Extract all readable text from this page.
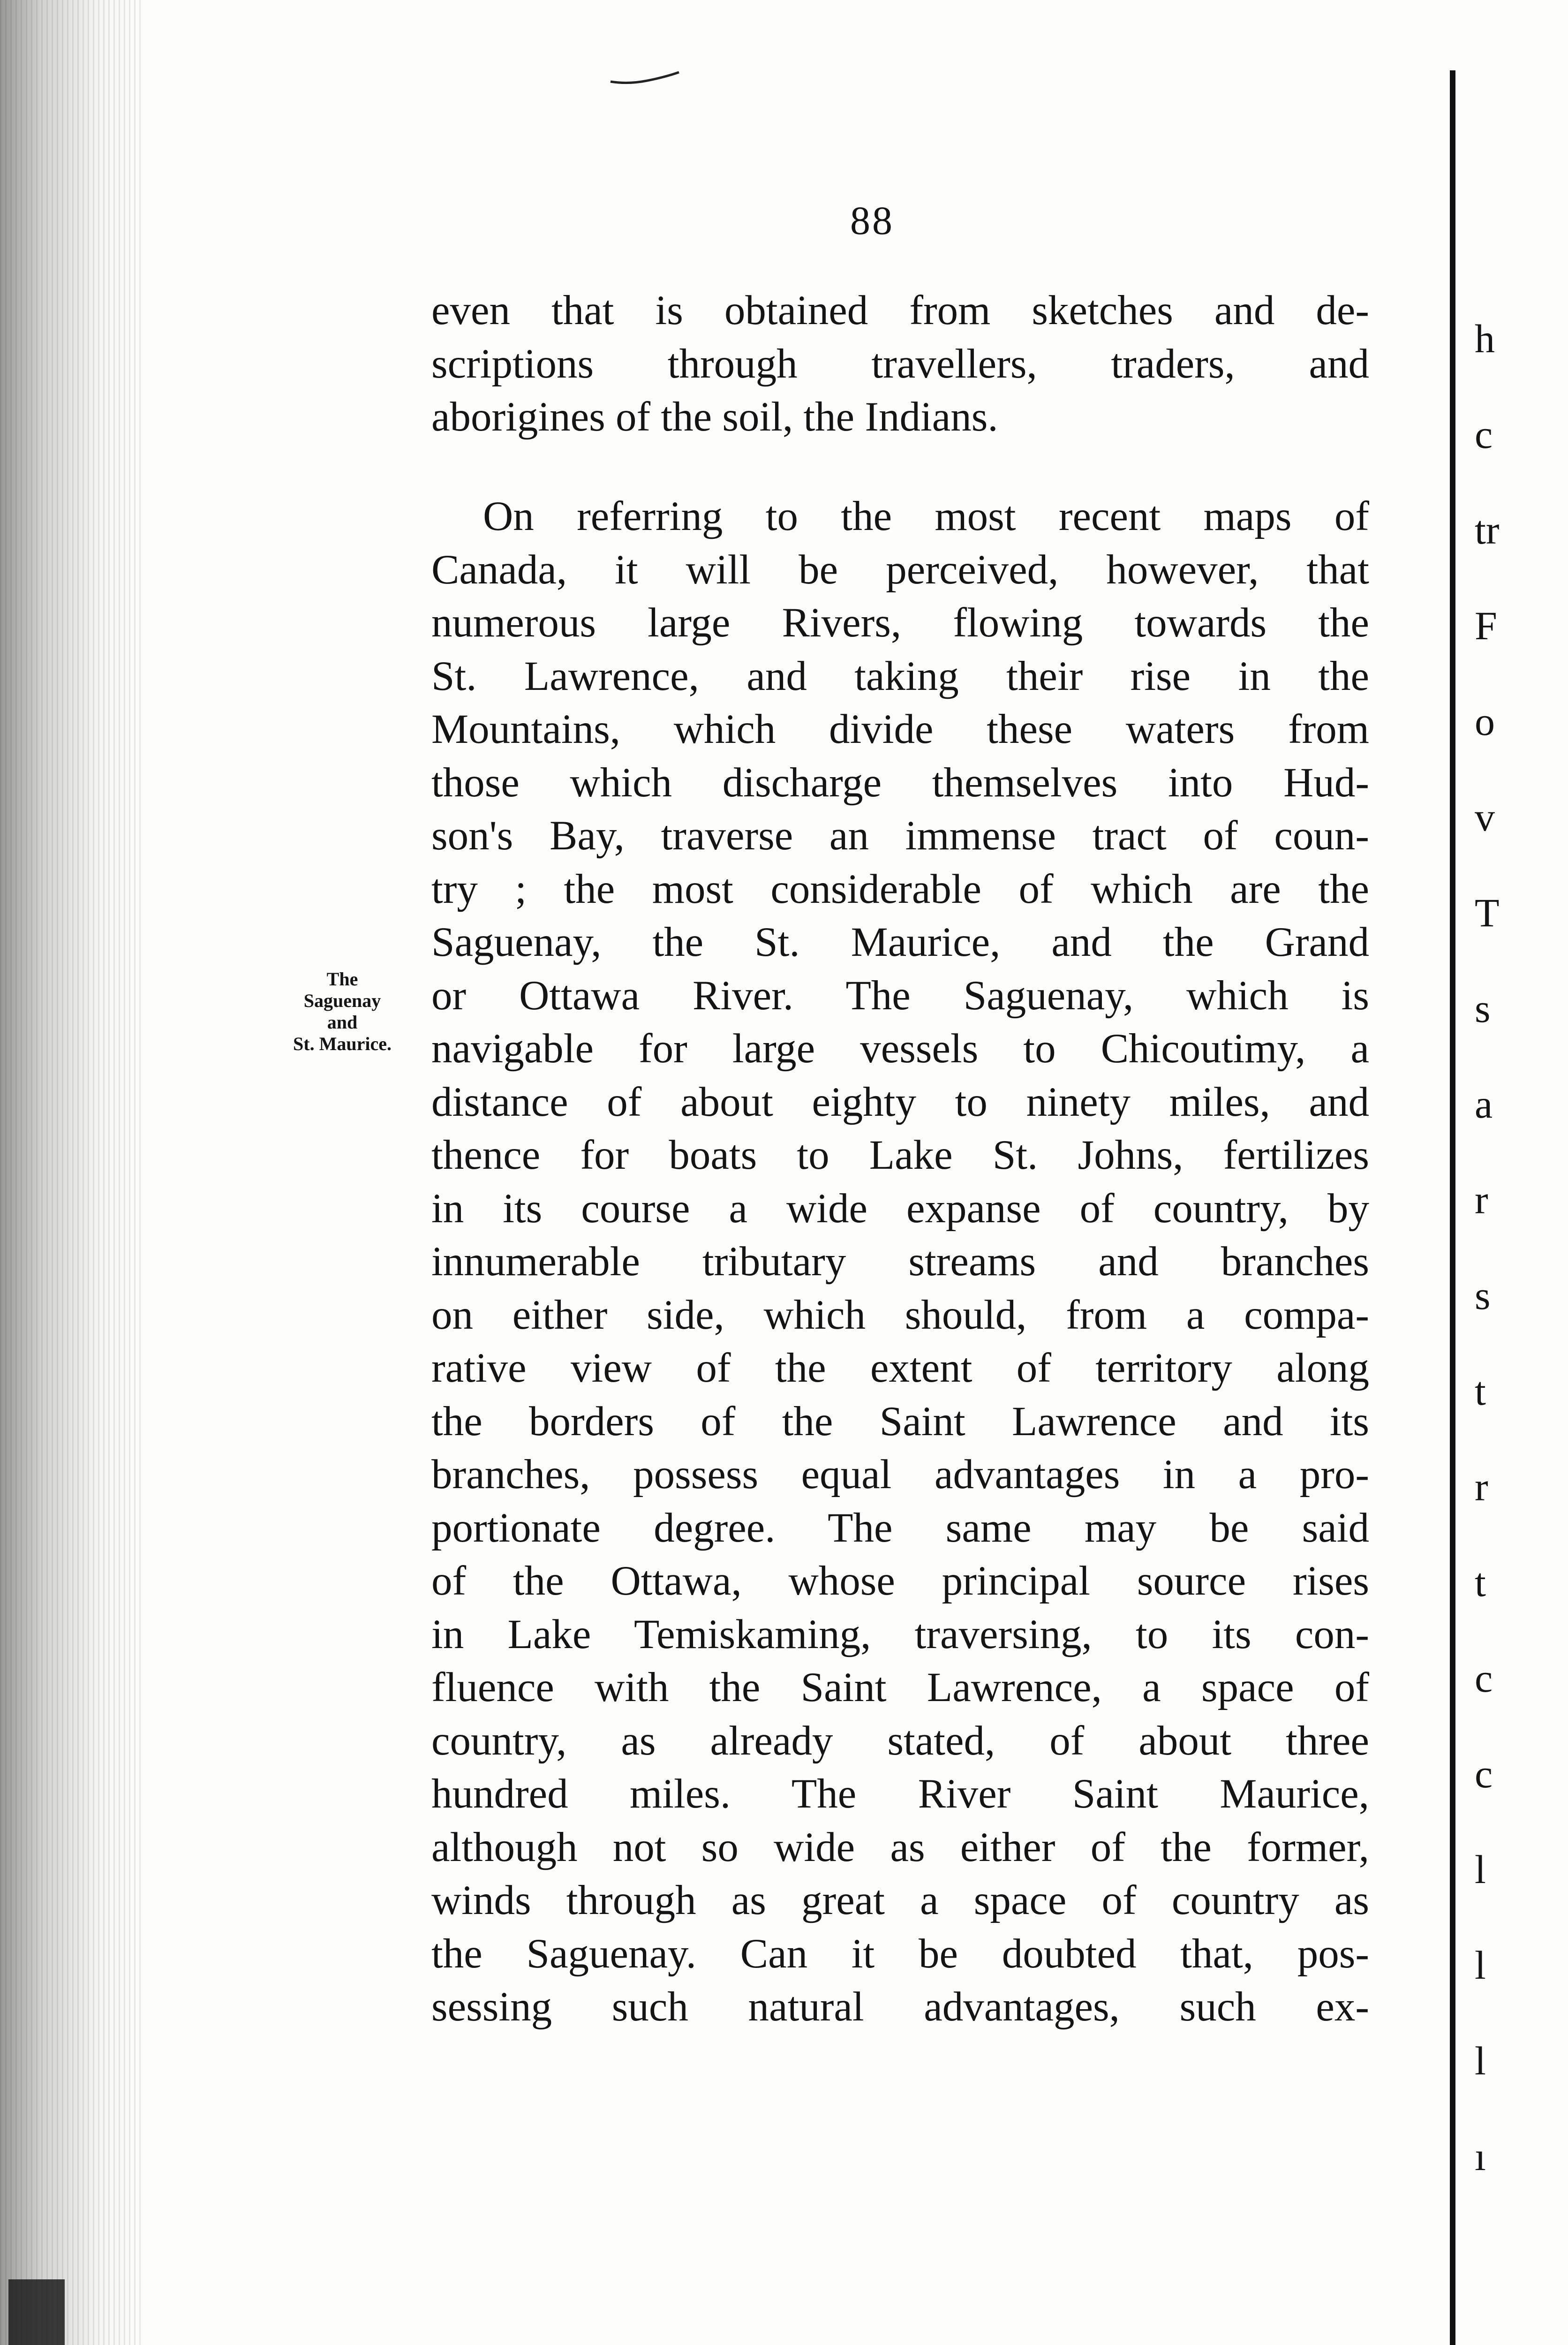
88
The
Saguenay
and
St. Maurice.
even that is obtained from sketches and de-
scriptions through travellers, traders, and
aborigines of the soil, the Indians.
On referring to the most recent maps of
Canada, it will be perceived, however, that
numerous large Rivers, flowing towards the
St. Lawrence, and taking their rise in the
Mountains, which divide these waters from
those which discharge themselves into Hud-
son's Bay, traverse an immense tract of coun-
try ; the most considerable of which are the
Saguenay, the St. Maurice, and the Grand
or Ottawa River. The Saguenay, which is
navigable for large vessels to Chicoutimy, a
distance of about eighty to ninety miles, and
thence for boats to Lake St. Johns, fertilizes
in its course a wide expanse of country, by
innumerable tributary streams and branches
on either side, which should, from a compa-
rative view of the extent of territory along
the borders of the Saint Lawrence and its
branches, possess equal advantages in a pro-
portionate degree. The same may be said
of the Ottawa, whose principal source rises
in Lake Temiskaming, traversing, to its con-
fluence with the Saint Lawrence, a space of
country, as already stated, of about three
hundred miles. The River Saint Maurice,
although not so wide as either of the former,
winds through as great a space of country as
the Saguenay. Can it be doubted that, pos-
sessing such natural advantages, such ex-
h
c
tr
F
o
v
T
s
a
r
s
t
r
t
c
c
l
l
l
ı
